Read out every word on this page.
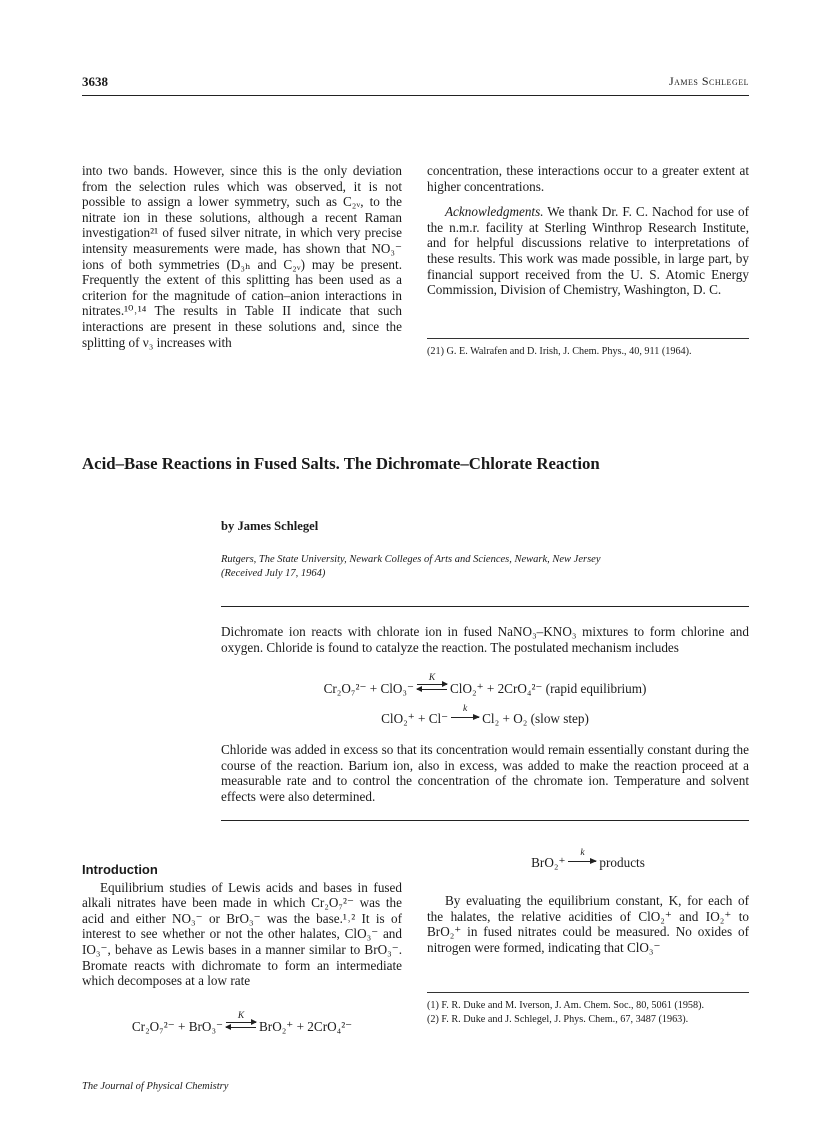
3638	James Schlegel

into two bands. However, since this is the only deviation from the selection rules which was observed, it is not possible to assign a lower symmetry, such as C₂ᵥ, to the nitrate ion in these solutions, although a recent Raman investigation²¹ of fused silver nitrate, in which very precise intensity measurements were made, has shown that NO₃⁻ ions of both symmetries (D₃ₕ and C₂ᵥ) may be present. Frequently the extent of this splitting has been used as a criterion for the magnitude of cation–anion interactions in nitrates.¹⁰˒¹⁴ The results in Table II indicate that such interactions are present in these solutions and, since the splitting of ν₃ increases with

concentration, these interactions occur to a greater extent at higher concentrations.

Acknowledgments. We thank Dr. F. C. Nachod for use of the n.m.r. facility at Sterling Winthrop Research Institute, and for helpful discussions relative to interpretations of these results. This work was made possible, in large part, by financial support received from the U. S. Atomic Energy Commission, Division of Chemistry, Washington, D. C.

(21) G. E. Walrafen and D. Irish, J. Chem. Phys., 40, 911 (1964).
Acid–Base Reactions in Fused Salts. The Dichromate–Chlorate Reaction
by James Schlegel
Rutgers, The State University, Newark Colleges of Arts and Sciences, Newark, New Jersey
(Received July 17, 1964)

Dichromate ion reacts with chlorate ion in fused NaNO₃–KNO₃ mixtures to form chlorine and oxygen. Chloride is found to catalyze the reaction. The postulated mechanism includes

Cr₂O₇²⁻ + ClO₃⁻
K
ClO₂⁺ + 2CrO₄²⁻ (rapid equilibrium)
ClO₂⁺ + Cl⁻
k
Cl₂ + O₂ (slow step)

Chloride was added in excess so that its concentration would remain essentially constant during the course of the reaction. Barium ion, also in excess, was added to make the reaction proceed at a measurable rate and to control the concentration of the chromate ion. Temperature and solvent effects were also determined.

Introduction

Equilibrium studies of Lewis acids and bases in fused alkali nitrates have been made in which Cr₂O₇²⁻ was the acid and either NO₃⁻ or BrO₃⁻ was the base.¹˒² It is of interest to see whether or not the other halates, ClO₃⁻ and IO₃⁻, behave as Lewis bases in a manner similar to BrO₃⁻. Bromate reacts with dichromate to form an intermediate which decomposes at a low rate

Cr₂O₇²⁻ + BrO₃⁻
K
BrO₂⁺ + 2CrO₄²⁻
BrO₂⁺
k
products

By evaluating the equilibrium constant, K, for each of the halates, the relative acidities of ClO₂⁺ and IO₂⁺ to BrO₂⁺ in fused nitrates could be measured. No oxides of nitrogen were formed, indicating that ClO₃⁻

(1) F. R. Duke and M. Iverson, J. Am. Chem. Soc., 80, 5061 (1958).
(2) F. R. Duke and J. Schlegel, J. Phys. Chem., 67, 3487 (1963).
The Journal of Physical Chemistry
